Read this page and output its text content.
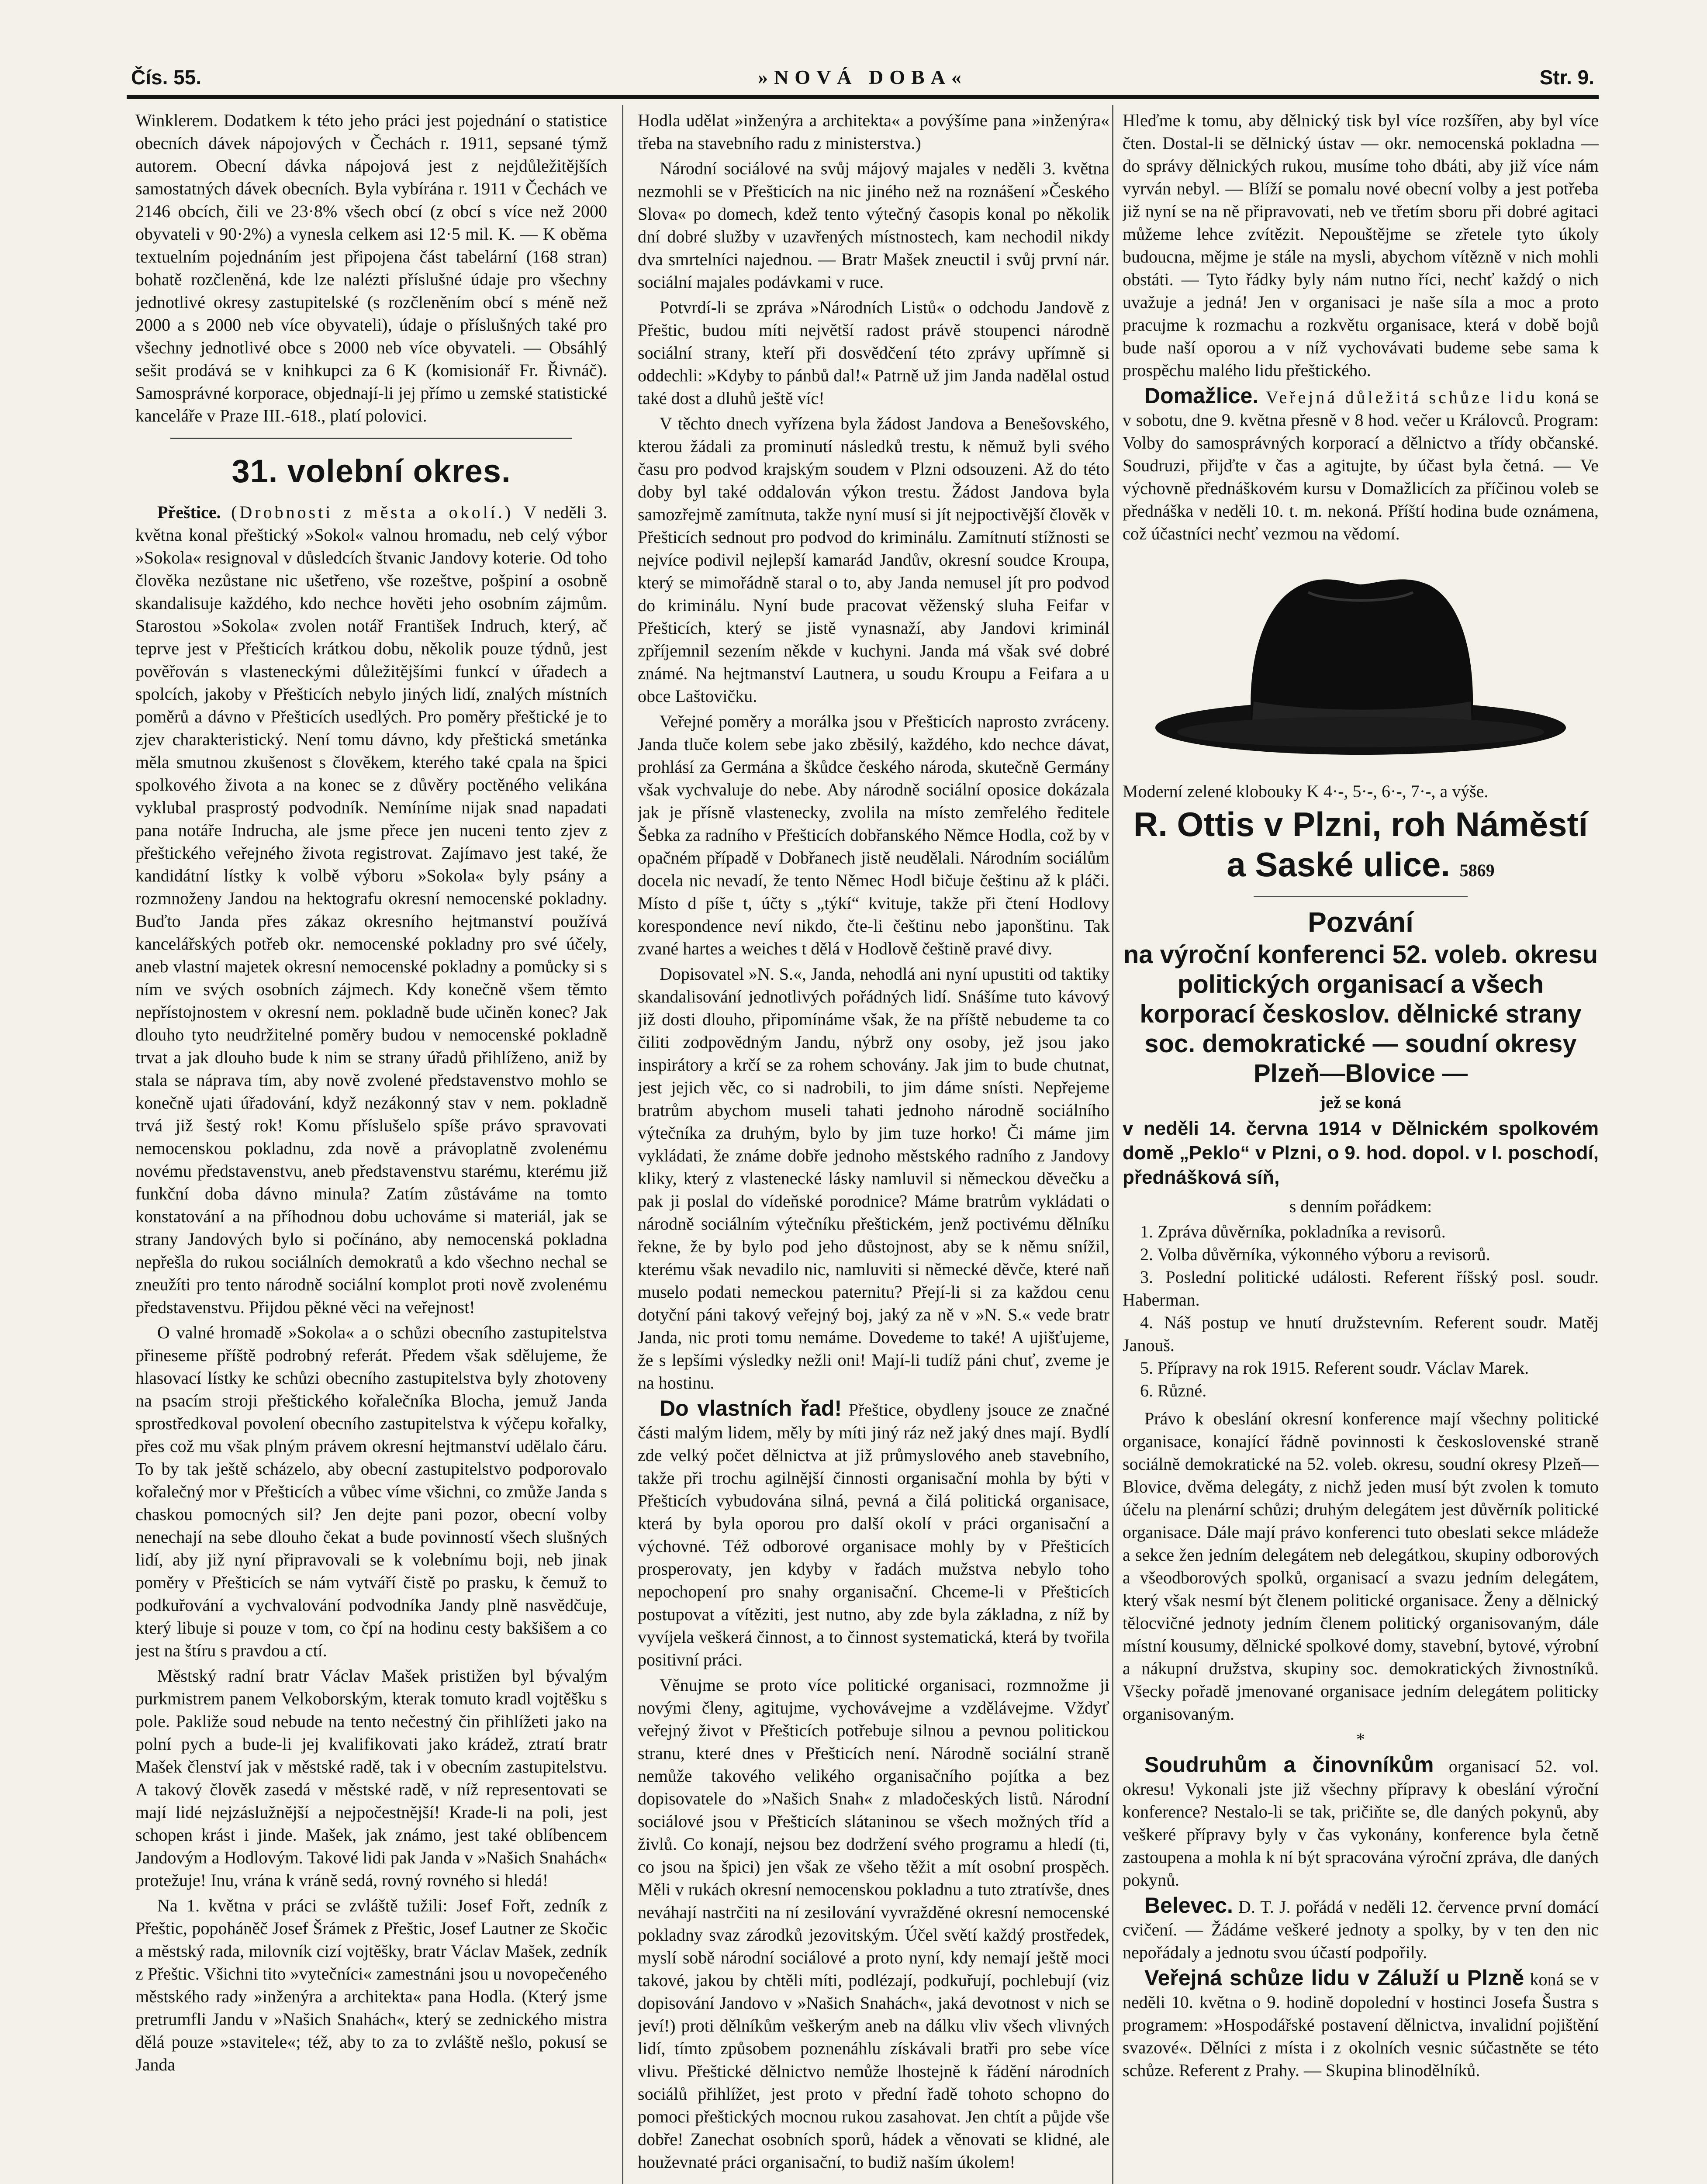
Čís. 55.	»NOVÁ DOBA«	Str. 9.

Winklerem. Dodatkem k této jeho práci jest pojednání o statistice obecních dávek nápojových v Čechách r. 1911, sepsané týmž autorem. Obecní dávka nápojová jest z nejdůležitějších samostatných dávek obecních. Byla vybírána r. 1911 v Čechách ve 2146 obcích, čili ve 23·8% všech obcí (z obcí s více než 2000 obyvateli v 90·2%) a vynesla celkem asi 12·5 mil. K. — K oběma textuelním pojednáním jest připojena část tabelární (168 stran) bohatě rozčleněná, kde lze nalézti příslušné údaje pro všechny jednotlivé okresy zastupitelské (s rozčleněním obcí s méně než 2000 a s 2000 neb více obyvateli), údaje o příslušných také pro všechny jednotlivé obce s 2000 neb více obyvateli. — Obsáhlý sešit prodává se v knihkupci za 6 K (komisionář Fr. Řivnáč). Samosprávné korporace, objednají-li jej přímo u zemské statistické kanceláře v Praze III.-618., platí polovici.

31. volební okres.

Přeštice. (Drobnosti z města a okolí.) V neděli 3. května konal přeštický »Sokol« valnou hromadu, neb celý výbor »Sokola« resignoval v důsledcích štvanic Jandovy koterie. Od toho člověka nezůstane nic ušetřeno, vše rozeštve, pošpiní a osobně skandalisuje každého, kdo nechce hověti jeho osobním zájmům. Starostou »Sokola« zvolen notář František Indruch, který, ač teprve jest v Přešticích krátkou dobu, několik pouze týdnů, jest pověřován s vlasteneckými důležitějšími funkcí v úřadech a spolcích, jakoby v Přešticích nebylo jiných lidí, znalých místních poměrů a dávno v Přešticích usedlých. Pro poměry přeštické je to zjev charakteristický. Není tomu dávno, kdy přeštická smetánka měla smutnou zkušenost s člověkem, kterého také cpala na špici spolkového života a na konec se z důvěry poctěného velikána vyklubal prasprostý podvodník. Nemíníme nijak snad napadati pana notáře Indrucha, ale jsme přece jen nuceni tento zjev z přeštického veřejného života registrovat. Zajímavo jest také, že kandidátní lístky k volbě výboru »Sokola« byly psány a rozmnoženy Jandou na hektografu okresní nemocenské pokladny. Buďto Janda přes zákaz okresního hejtmanství používá kancelářských potřeb okr. nemocenské pokladny pro své účely, aneb vlastní majetek okresní nemocenské pokladny a pomůcky si s ním ve svých osobních zájmech. Kdy konečně všem těmto nepřístojnostem v okresní nem. pokladně bude učiněn konec? Jak dlouho tyto neudržitelné poměry budou v nemocenské pokladně trvat a jak dlouho bude k nim se strany úřadů přihlíženo, aniž by stala se náprava tím, aby nově zvolené představenstvo mohlo se konečně ujati úřadování, když nezákonný stav v nem. pokladně trvá již šestý rok! Komu příslušelo spíše právo spravovati nemocenskou pokladnu, zda nově a právoplatně zvolenému novému představenstvu, aneb představenstvu starému, kterému již funkční doba dávno minula? Zatím zůstáváme na tomto konstatování a na příhodnou dobu uchováme si materiál, jak se strany Jandových bylo si počínáno, aby nemocenská pokladna nepřešla do rukou sociálních demokratů a kdo všechno nechal se zneužíti pro tento národně sociální komplot proti nově zvolenému představenstvu. Přijdou pěkné věci na veřejnost!

O valné hromadě »Sokola« a o schůzi obecního zastupitelstva přineseme příště podrobný referát. Předem však sdělujeme, že hlasovací lístky ke schůzi obecního zastupitelstva byly zhotoveny na psacím stroji přeštického kořalečníka Blocha, jemuž Janda sprostředkoval povolení obecního zastupitelstva k výčepu kořalky, přes což mu však plným právem okresní hejtmanství udělalo čáru. To by tak ještě scházelo, aby obecní zastupitelstvo podporovalo kořalečný mor v Přešticích a vůbec víme všichni, co zmůže Janda s chaskou pomocných sil? Jen dejte pani pozor, obecní volby nenechají na sebe dlouho čekat a bude povinností všech slušných lidí, aby již nyní připravovali se k volebnímu boji, neb jinak poměry v Přešticích se nám vytváří čistě po prasku, k čemuž to podkuřování a vychvalování podvodníka Jandy plně nasvědčuje, který libuje si pouze v tom, co čpí na hodinu cesty bakšišem a co jest na štíru s pravdou a ctí.

Městský radní bratr Václav Mašek pristižen byl bývalým purkmistrem panem Velkoborským, kterak tomuto kradl vojtěšku s pole. Pakliže soud nebude na tento nečestný čin přihlížeti jako na polní pych a bude-li jej kvalifikovati jako krádež, ztratí bratr Mašek členství jak v městské radě, tak i v obecním zastupitelstvu. A takový člověk zasedá v městské radě, v níž representovati se mají lidé nejzáslužnější a nejpočestnější! Krade-li na poli, jest schopen krást i jinde. Mašek, jak známo, jest také oblíbencem Jandovým a Hodlovým. Takové lidi pak Janda v »Našich Snahách« protežuje! Inu, vrána k vráně sedá, rovný rovného si hledá!

Na 1. května v práci se zvláště tužili: Josef Fořt, zedník z Přeštic, popoháněč Josef Šrámek z Přeštic, Josef Lautner ze Skočic a městský rada, milovník cizí vojtěšky, bratr Václav Mašek, zedník z Přeštic. Všichni tito »vytečníci« zamestnáni jsou u novopečeného městského rady »inženýra a architekta« pana Hodla. (Který jsme pretrumfli Jandu v »Našich Snahách«, který se zednického mistra dělá pouze »stavitele«; též, aby to za to zvláště nešlo, pokusí se Janda

Hodla udělat »inženýra a architekta« a povýšíme pana »inženýra« třeba na stavebního radu z ministerstva.)

Národní sociálové na svůj májový majales v neděli 3. května nezmohli se v Přešticích na nic jiného než na roznášení »Českého Slova« po domech, kdež tento výtečný časopis konal po několik dní dobré služby v uzavřených místnostech, kam nechodil nikdy dva smrtelníci najednou. — Bratr Mašek zneuctil i svůj první nár. sociální majales podávkami v ruce.

Potvrdí-li se zpráva »Národních Listů« o odchodu Jandově z Přeštic, budou míti největší radost právě stoupenci národně sociální strany, kteří při dosvědčení této zprávy upřímně si oddechli: »Kdyby to pánbů dal!« Patrně už jim Janda nadělal ostud také dost a dluhů ještě víc!

V těchto dnech vyřízena byla žádost Jandova a Benešovského, kterou žádali za prominutí následků trestu, k němuž byli svého času pro podvod krajským soudem v Plzni odsouzeni. Až do této doby byl také oddalován výkon trestu. Žádost Jandova byla samozřejmě zamítnuta, takže nyní musí si jít nejpoctivější člověk v Přešticích sednout pro podvod do kriminálu. Zamítnutí stížnosti se nejvíce podivil nejlepší kamarád Jandův, okresní soudce Kroupa, který se mimořádně staral o to, aby Janda nemusel jít pro podvod do kriminálu. Nyní bude pracovat věženský sluha Feifar v Přešticích, který se jistě vynasnaží, aby Jandovi kriminál zpříjemnil sezením někde v kuchyni. Janda má však své dobré známé. Na hejtmanství Lautnera, u soudu Kroupu a Feifara a u obce Laštovičku.

Veřejné poměry a morálka jsou v Přešticích naprosto zvráceny. Janda tluče kolem sebe jako zběsilý, každého, kdo nechce dávat, prohlásí za Germána a škůdce českého národa, skutečně Germány však vychvaluje do nebe. Aby národně sociální oposice dokázala jak je přísně vlastenecky, zvolila na místo zemřelého ředitele Šebka za radního v Přešticích dobřanského Němce Hodla, což by v opačném případě v Dobřanech jistě neudělali. Národním sociálům docela nic nevadí, že tento Němec Hodl bičuje češtinu až k pláči. Místo d píše t, účty s „týkí“ kvituje, takže při čtení Hodlovy korespondence neví nikdo, čte-li češtinu nebo japonštinu. Tak zvané hartes a weiches t dělá v Hodlově češtině pravé divy.

Dopisovatel »N. S.«, Janda, nehodlá ani nyní upustiti od taktiky skandalisování jednotlivých pořádných lidí. Snášíme tuto kávový již dosti dlouho, připomínáme však, že na příště nebudeme ta co čiliti zodpovědným Jandu, nýbrž ony osoby, jež jsou jako inspirátory a krčí se za rohem schovány. Jak jim to bude chutnat, jest jejich věc, co si nadrobili, to jim dáme snísti. Nepřejeme bratrům abychom museli tahati jednoho národně sociálního výtečníka za druhým, bylo by jim tuze horko! Či máme jim vykládati, že známe dobře jednoho městského radního z Jandovy kliky, který z vlastenecké lásky namluvil si německou děvečku a pak ji poslal do vídeňské porodnice? Máme bratrům vykládati o národně sociálním výtečníku přeštickém, jenž poctivému dělníku řekne, že by bylo pod jeho důstojnost, aby se k němu snížil, kterému však nevadilo nic, namluviti si německé děvče, které naň muselo podati nemeckou paternitu? Přejí-li si za každou cenu dotyční páni takový veřejný boj, jaký za ně v »N. S.« vede bratr Janda, nic proti tomu nemáme. Dovedeme to také! A ujišťujeme, že s lepšími výsledky nežli oni! Mají-li tudíž páni chuť, zveme je na hostinu.

Do vlastních řad! Přeštice, obydleny jsouce ze značné části malým lidem, měly by míti jiný ráz než jaký dnes mají. Bydlí zde velký počet dělnictva at již průmyslového aneb stavebního, takže při trochu agilnější činnosti organisační mohla by býti v Přešticích vybudována silná, pevná a čilá politická organisace, která by byla oporou pro další okolí v práci organisační a výchovné. Též odborové organisace mohly by v Přešticích prosperovaty, jen kdyby v řadách mužstva nebylo toho nepochopení pro snahy organisační. Chceme-li v Přešticích postupovat a vítěziti, jest nutno, aby zde byla základna, z níž by vyvíjela veškerá činnost, a to činnost systematická, která by tvořila positivní práci.

Věnujme se proto více politické organisaci, rozmnožme ji novými členy, agitujme, vychovávejme a vzdělávejme. Vždyť veřejný život v Přešticích potřebuje silnou a pevnou politickou stranu, které dnes v Přešticích není. Národně sociální straně nemůže takového velikého organisačního pojítka a bez dopisovatele do »Našich Snah« z mladočeských listů. Národní sociálové jsou v Přešticích slátaninou se všech možných tříd a živlů. Co konají, nejsou bez dodržení svého programu a hledí (ti, co jsou na špici) jen však ze všeho těžit a mít osobní prospěch. Měli v rukách okresní nemocenskou pokladnu a tuto ztratívše, dnes neváhají nastrčiti na ní zesilování vyvražděné okresní nemocenské pokladny svaz zárodků jezovitským. Účel světí každý prostředek, myslí sobě národní sociálové a proto nyní, kdy nemají ještě moci takové, jakou by chtěli míti, podlézají, podkuřují, pochlebují (viz dopisování Jandovo v »Našich Snahách«, jaká devotnost v nich se jeví!) proti dělníkům veškerým aneb na dálku vliv všech vlivných lidí, tímto způsobem poznenáhlu získávali bratři pro sebe více vlivu. Přeštické dělnictvo nemůže lhostejně k řádění národních sociálů přihlížet, jest proto v přední řadě tohoto schopno do pomoci přeštických mocnou rukou zasahovat. Jen chtít a půjde vše dobře! Zanechat osobních sporů, hádek a věnovati se klidné, ale houževnaté práci organisační, to budiž naším úkolem!

Hleďme k tomu, aby dělnický tisk byl více rozšířen, aby byl více čten. Dostal-li se dělnický ústav — okr. nemocenská pokladna — do správy dělnických rukou, musíme toho dbáti, aby již více nám vyrván nebyl. — Blíží se pomalu nové obecní volby a jest potřeba již nyní se na ně připravovati, neb ve třetím sboru při dobré agitaci můžeme lehce zvítězit. Nepouštějme se zřetele tyto úkoly budoucna, mějme je stále na mysli, abychom vítězně v nich mohli obstáti. — Tyto řádky byly nám nutno říci, nechť každý o nich uvažuje a jedná! Jen v organisaci je naše síla a moc a proto pracujme k rozmachu a rozkvětu organisace, která v době bojů bude naší oporou a v níž vychovávati budeme sebe sama k prospěchu malého lidu přeštického.

Domažlice. Veřejná důležitá schůze lidu koná se v sobotu, dne 9. května přesně v 8 hod. večer u Královců. Program: Volby do samosprávných korporací a dělnictvo a třídy občanské. Soudruzi, přijďte v čas a agitujte, by účast byla četná. — Ve výchovně přednáškovém kursu v Domažlicích za příčinou voleb se přednáška v neděli 10. t. m. nekoná. Příští hodina bude oznámena, což účastníci nechť vezmou na vědomí.

Moderní zelené klobouky K 4·-, 5·-, 6·-, 7·-, a výše.

R. Ottis v Plzni, roh Náměstí
a Saské ulice. 5869
Pozvání
na výroční konferenci 52. voleb. okresu politických organisací a všech korporací českoslov. dělnické strany soc. demokratické — soudní okresy Plzeň—Blovice —

jež se koná

v neděli 14. června 1914 v Dělnickém spolkovém domě „Peklo“ v Plzni, o 9. hod. dopol. v I. poschodí, přednášková síň,

s denním pořádkem:

1. Zpráva důvěrníka, pokladníka a revisorů.
2. Volba důvěrníka, výkonného výboru a revisorů.
3. Poslední politické události. Referent říšský posl. soudr. Haberman.
4. Náš postup ve hnutí družstevním. Referent soudr. Matěj Janouš.
5. Přípravy na rok 1915. Referent soudr. Václav Marek.
6. Různé.

Právo k obeslání okresní konference mají všechny politické organisace, konající řádně povinnosti k československé straně sociálně demokratické na 52. voleb. okresu, soudní okresy Plzeň—Blovice, dvěma delegáty, z nichž jeden musí být zvolen k tomuto účelu na plenární schůzi; druhým delegátem jest důvěrník politické organisace. Dále mají právo konferenci tuto obeslati sekce mládeže a sekce žen jedním delegátem neb delegátkou, skupiny odborových a všeodborových spolků, organisací a svazu jedním delegátem, který však nesmí být členem politické organisace. Ženy a dělnický tělocvičné jednoty jedním členem politický organisovaným, dále místní kousumy, dělnické spolkové domy, stavební, bytové, výrobní a nákupní družstva, skupiny soc. demokratických živnostníků. Všecky pořadě jmenované organisace jedním delegátem politicky organisovaným.

*

Soudruhům a činovníkům organisací 52. vol. okresu! Vykonali jste již všechny přípravy k obeslání výroční konference? Nestalo-li se tak, pričiňte se, dle daných pokynů, aby veškeré přípravy byly v čas vykonány, konference byla četně zastoupena a mohla k ní být spracována výroční zpráva, dle daných pokynů.

Belevec. D. T. J. pořádá v neděli 12. července první domácí cvičení. — Žádáme veškeré jednoty a spolky, by v ten den nic nepořádaly a jednotu svou účastí podpořily.

Veřejná schůze lidu v Záluží u Plzně koná se v neděli 10. května o 9. hodině dopolední v hostinci Josefa Šustra s programem: »Hospodářské postavení dělnictva, invalidní pojištění svazové«. Dělníci z místa i z okolních vesnic súčastněte se této schůze. Referent z Prahy. — Skupina blinodělníků.
